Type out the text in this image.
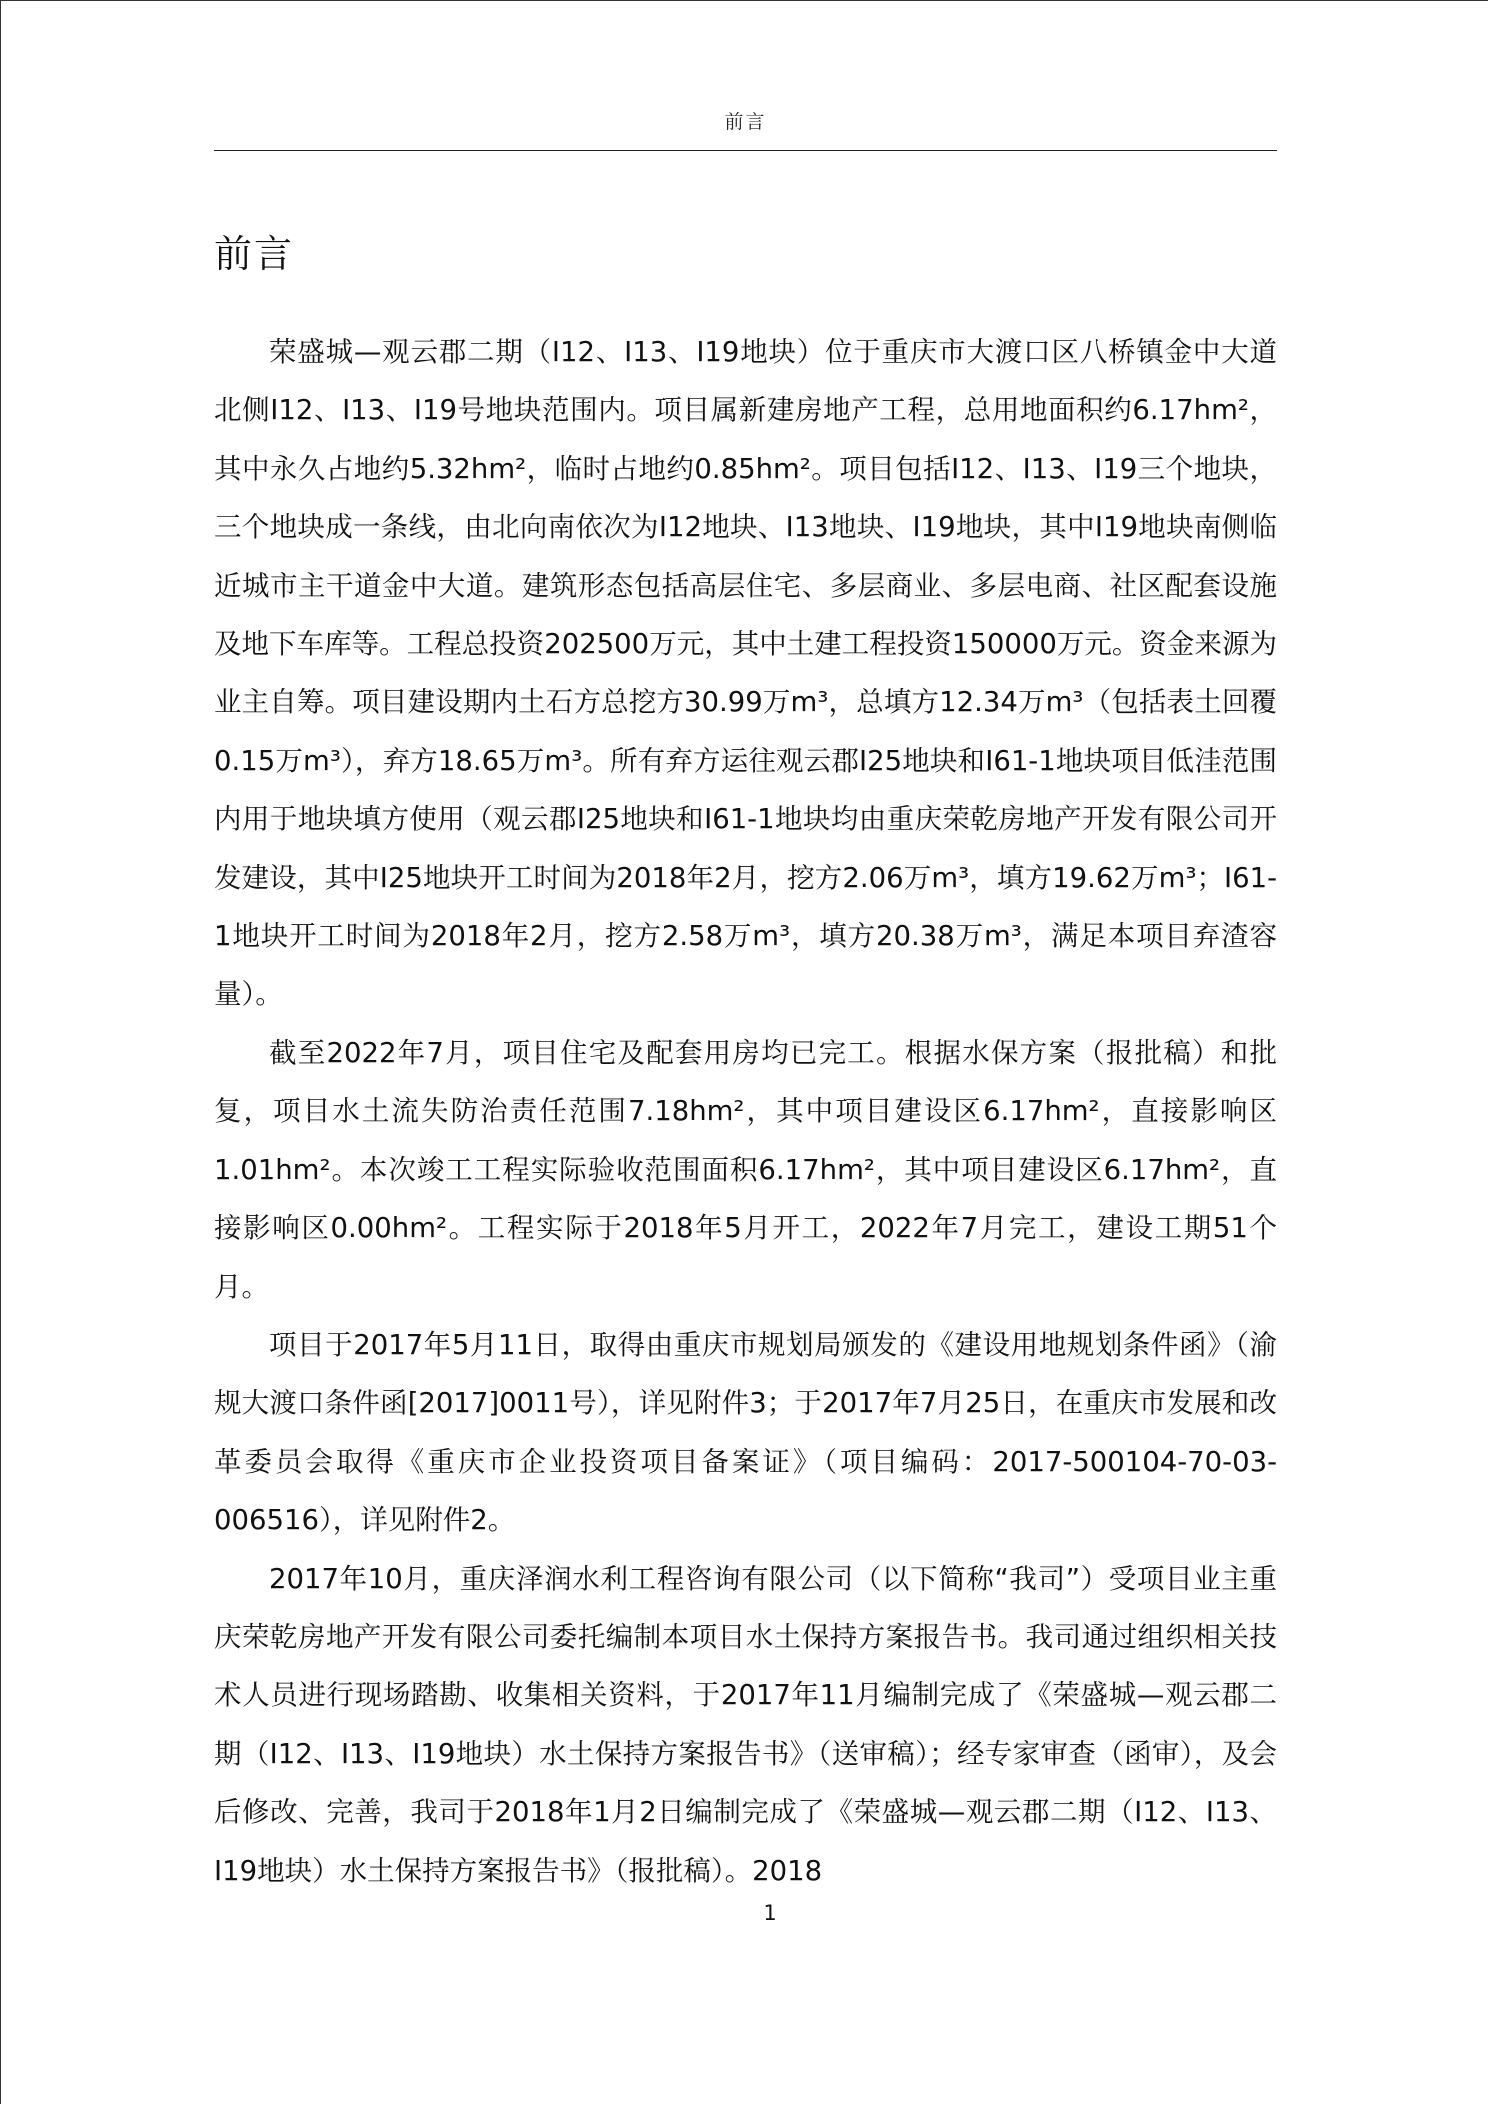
前言
前言

荣盛城—观云郡二期（I12、I13、I19地块）位于重庆市大渡口区八桥镇金中大道北侧I12、I13、I19号地块范围内。项目属新建房地产工程，总用地面积约6.17hm²，其中永久占地约5.32hm²，临时占地约0.85hm²。项目包括I12、I13、I19三个地块，三个地块成一条线，由北向南依次为I12地块、I13地块、I19地块，其中I19地块南侧临近城市主干道金中大道。建筑形态包括高层住宅、多层商业、多层电商、社区配套设施及地下车库等。工程总投资202500万元，其中土建工程投资150000万元。资金来源为业主自筹。项目建设期内土石方总挖方30.99万m³，总填方12.34万m³（包括表土回覆0.15万m³），弃方18.65万m³。所有弃方运往观云郡I25地块和I61-1地块项目低洼范围内用于地块填方使用（观云郡I25地块和I61-1地块均由重庆荣乾房地产开发有限公司开发建设，其中I25地块开工时间为2018年2月，挖方2.06万m³，填方19.62万m³；I61-1地块开工时间为2018年2月，挖方2.58万m³，填方20.38万m³，满足本项目弃渣容量）。

截至2022年7月，项目住宅及配套用房均已完工。根据水保方案（报批稿）和批复，项目水土流失防治责任范围7.18hm²，其中项目建设区6.17hm²，直接影响区1.01hm²。本次竣工工程实际验收范围面积6.17hm²，其中项目建设区6.17hm²，直接影响区0.00hm²。工程实际于2018年5月开工，2022年7月完工，建设工期51个月。

项目于2017年5月11日，取得由重庆市规划局颁发的《建设用地规划条件函》（渝规大渡口条件函[2017]0011号），详见附件3；于2017年7月25日，在重庆市发展和改革委员会取得《重庆市企业投资项目备案证》（项目编码：2017-500104-70-03-006516），详见附件2。

2017年10月，重庆泽润水利工程咨询有限公司（以下简称“我司”）受项目业主重庆荣乾房地产开发有限公司委托编制本项目水土保持方案报告书。我司通过组织相关技术人员进行现场踏勘、收集相关资料，于2017年11月编制完成了《荣盛城—观云郡二期（I12、I13、I19地块）水土保持方案报告书》（送审稿）；经专家审查（函审），及会后修改、完善，我司于2018年1月2日编制完成了《荣盛城—观云郡二期（I12、I13、I19地块）水土保持方案报告书》（报批稿）。2018

1
